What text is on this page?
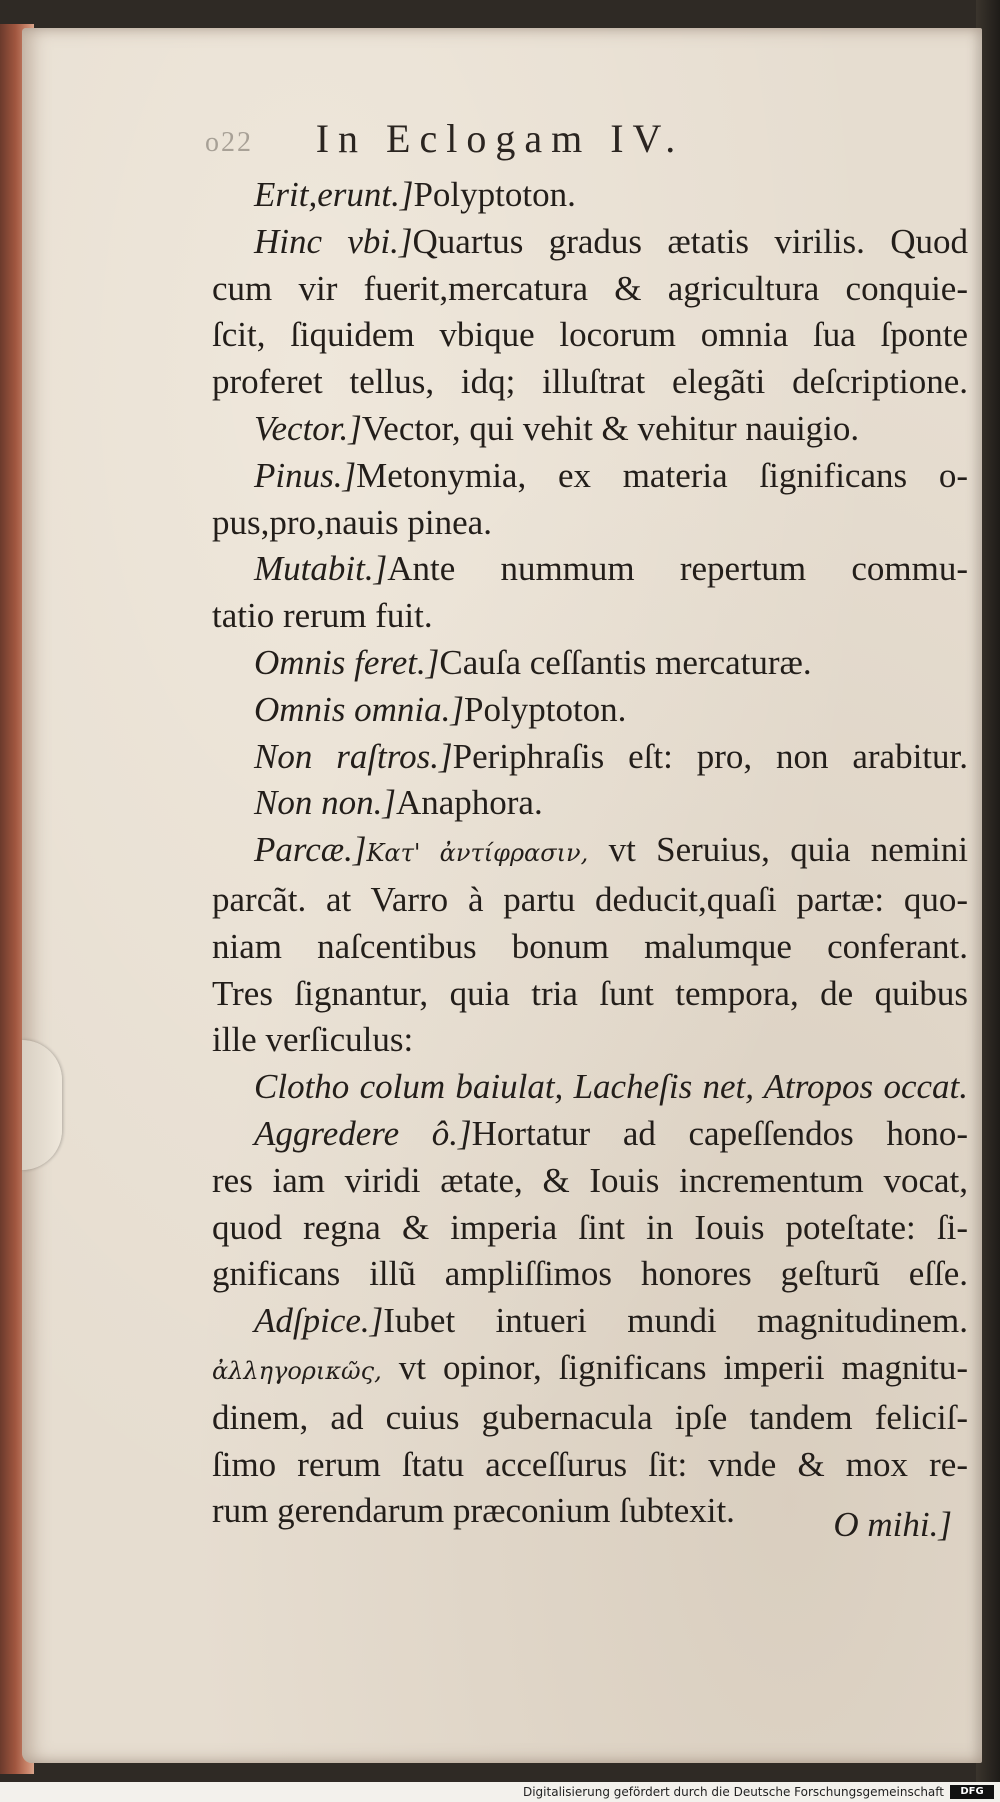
o22 In Eclogam IV.
Erit,erunt.]Polyptoton.
Hinc vbi.]Quartus gradus ætatis virilis. Quod
cum vir fuerit,mercatura & agricultura conquie-
ſcit, ſiquidem vbique locorum omnia ſua ſponte
proferet tellus, idq; illuſtrat elegãti deſcriptione.
Vector.]Vector, qui vehit & vehitur nauigio.
Pinus.]Metonymia, ex materia ſignificans o-
pus,pro,nauis pinea.
Mutabit.]Ante nummum repertum commu-
tatio rerum fuit.
Omnis feret.]Cauſa ceſſantis mercaturæ.
Omnis omnia.]Polyptoton.
Non raſtros.]Periphraſis eſt: pro, non arabitur.
Non non.]Anaphora.
Parcæ.]Κατ' ἀντίφρασιν, vt Seruius, quia nemini
parcãt. at Varro à partu deducit,quaſi partæ: quo-
niam naſcentibus bonum malumque conferant.
Tres ſignantur, quia tria ſunt tempora, de quibus
ille verſiculus:
Clotho colum baiulat, Lacheſis net, Atropos occat.
Aggredere ô.]Hortatur ad capeſſendos hono-
res iam viridi ætate, & Iouis incrementum vocat,
quod regna & imperia ſint in Iouis poteſtate: ſi-
gnificans illũ ampliſſimos honores geſturũ eſſe.
Adſpice.]Iubet intueri mundi magnitudinem.
ἀλληγορικῶς, vt opinor, ſignificans imperii magnitu-
dinem, ad cuius gubernacula ipſe tandem feliciſ-
ſimo rerum ſtatu acceſſurus ſit: vnde & mox re-
rum gerendarum præconium ſubtexit.	O mihi.]
Digitalisierung gefördert durch die Deutsche Forschungsgemeinschaft	DFG
